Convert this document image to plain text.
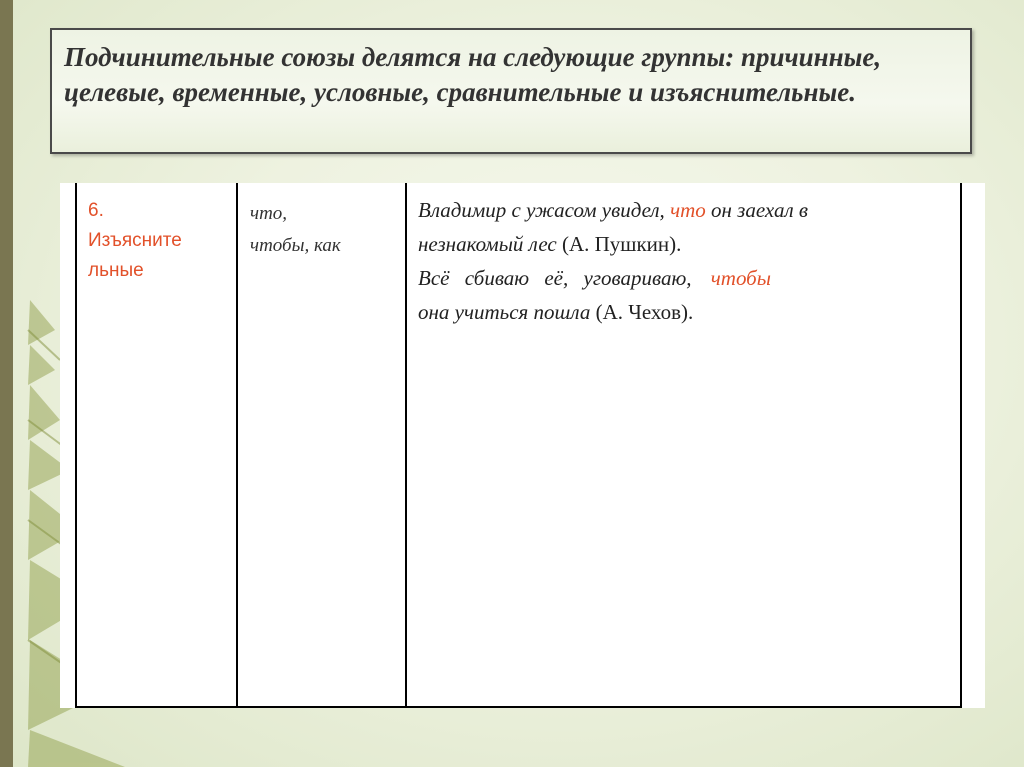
Подчинительные союзы делятся на следующие группы: причинные, целевые, временные, условные, сравнительные и изъяснительные.

6.
Изъясните
льные
что,
чтобы, как
Владимир с ужасом увидел, что он заехал в
незнакомый лес (А. Пушкин).
Всё сбиваю её, уговариваю, чтобы
она учиться пошла (А. Чехов).
